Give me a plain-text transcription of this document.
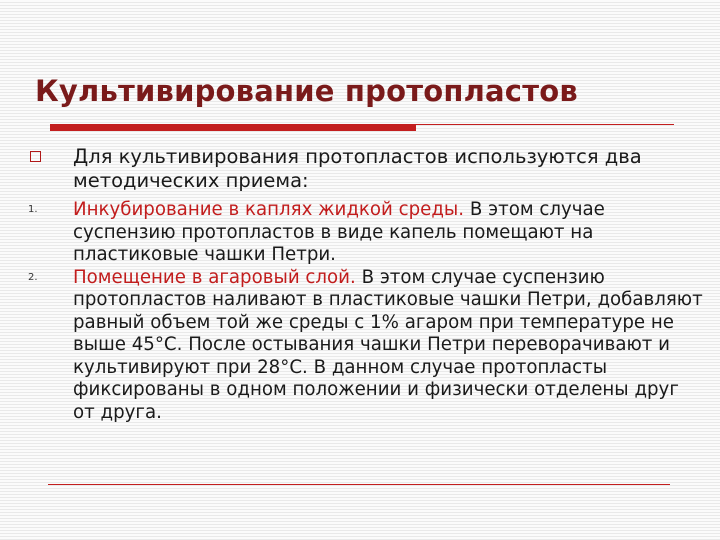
Культивирование протопластов

Для культивирования протопластов используются два методических приема:

1. Инкубирование в каплях жидкой среды. В этом случае суспензию протопластов в виде капель помещают на пластиковые чашки Петри.

2. Помещение в агаровый слой. В этом случае суспензию протопластов наливают в пластиковые чашки Петри, добавляют равный объем той же среды с 1% агаром при температуре не выше 45°С. После остывания чашки Петри переворачивают и культивируют при 28°С. В данном случае протопласты фиксированы в одном положении и физически отделены друг от друга.
